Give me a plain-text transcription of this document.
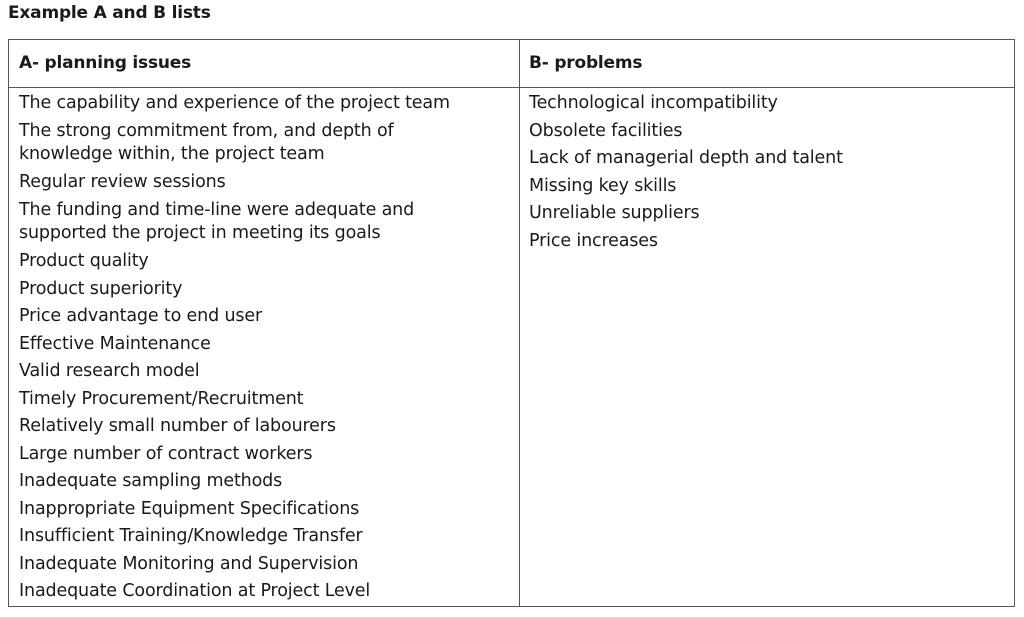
Example A and B lists
A- planning issues	B- problems
The capability and experience of the project team
The strong commitment from, and depth of knowledge within, the project team
Regular review sessions
The funding and time-line were adequate and supported the project in meeting its goals
Product quality
Product superiority
Price advantage to end user
Effective Maintenance
Valid research model
Timely Procurement/Recruitment
Relatively small number of labourers
Large number of contract workers
Inadequate sampling methods
Inappropriate Equipment Specifications
Insufficient Training/Knowledge Transfer
Inadequate Monitoring and Supervision
Inadequate Coordination at Project Level
Technological incompatibility
Obsolete facilities
Lack of managerial depth and talent
Missing key skills
Unreliable suppliers
Price increases
